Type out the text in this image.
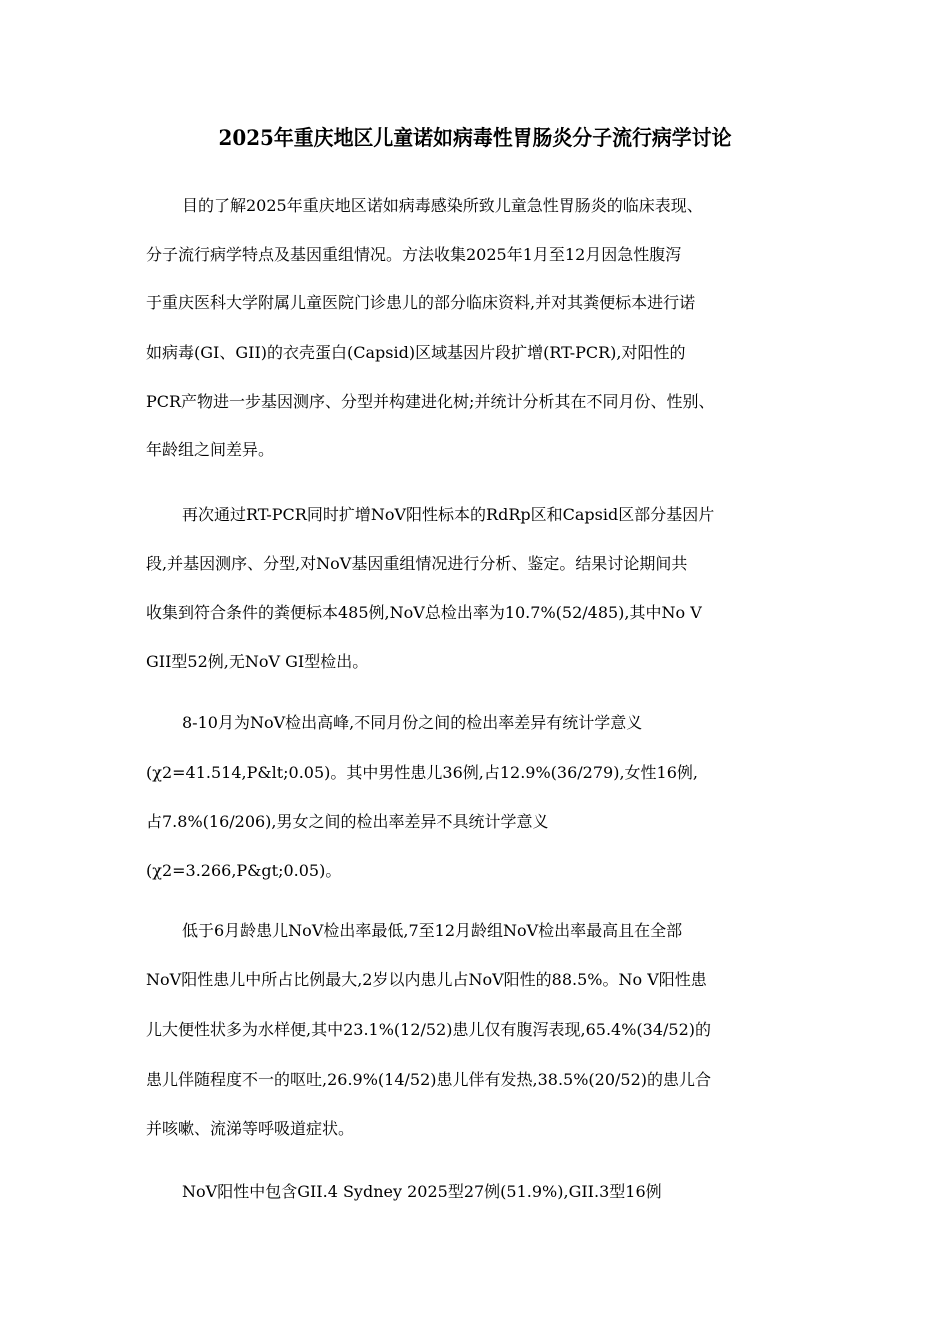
2025年重庆地区儿童诺如病毒性胃肠炎分子流行病学讨论
目的了解2025年重庆地区诺如病毒感染所致儿童急性胃肠炎的临床表现、
分子流行病学特点及基因重组情况。方法收集2025年1月至12月因急性腹泻
于重庆医科大学附属儿童医院门诊患儿的部分临床资料,并对其粪便标本进行诺
如病毒(GI、GII)的衣壳蛋白(Capsid)区域基因片段扩增(RT-PCR),对阳性的
PCR产物进一步基因测序、分型并构建进化树;并统计分析其在不同月份、性别、
年龄组之间差异。
再次通过RT-PCR同时扩增NoV阳性标本的RdRp区和Capsid区部分基因片
段,并基因测序、分型,对NoV基因重组情况进行分析、鉴定。结果讨论期间共
收集到符合条件的粪便标本485例,NoV总检出率为10.7%(52/485),其中No V
GII型52例,无NoV GI型检出。
8-10月为NoV检出高峰,不同月份之间的检出率差异有统计学意义
(χ2=41.514,P&lt;0.05)。其中男性患儿36例,占12.9%(36/279),女性16例,
占7.8%(16/206),男女之间的检出率差异不具统计学意义
(χ2=3.266,P&gt;0.05)。
低于6月龄患儿NoV检出率最低,7至12月龄组NoV检出率最高且在全部
NoV阳性患儿中所占比例最大,2岁以内患儿占NoV阳性的88.5%。No V阳性患
儿大便性状多为水样便,其中23.1%(12/52)患儿仅有腹泻表现,65.4%(34/52)的
患儿伴随程度不一的呕吐,26.9%(14/52)患儿伴有发热,38.5%(20/52)的患儿合
并咳嗽、流涕等呼吸道症状。
NoV阳性中包含GII.4 Sydney 2025型27例(51.9%),GII.3型16例
